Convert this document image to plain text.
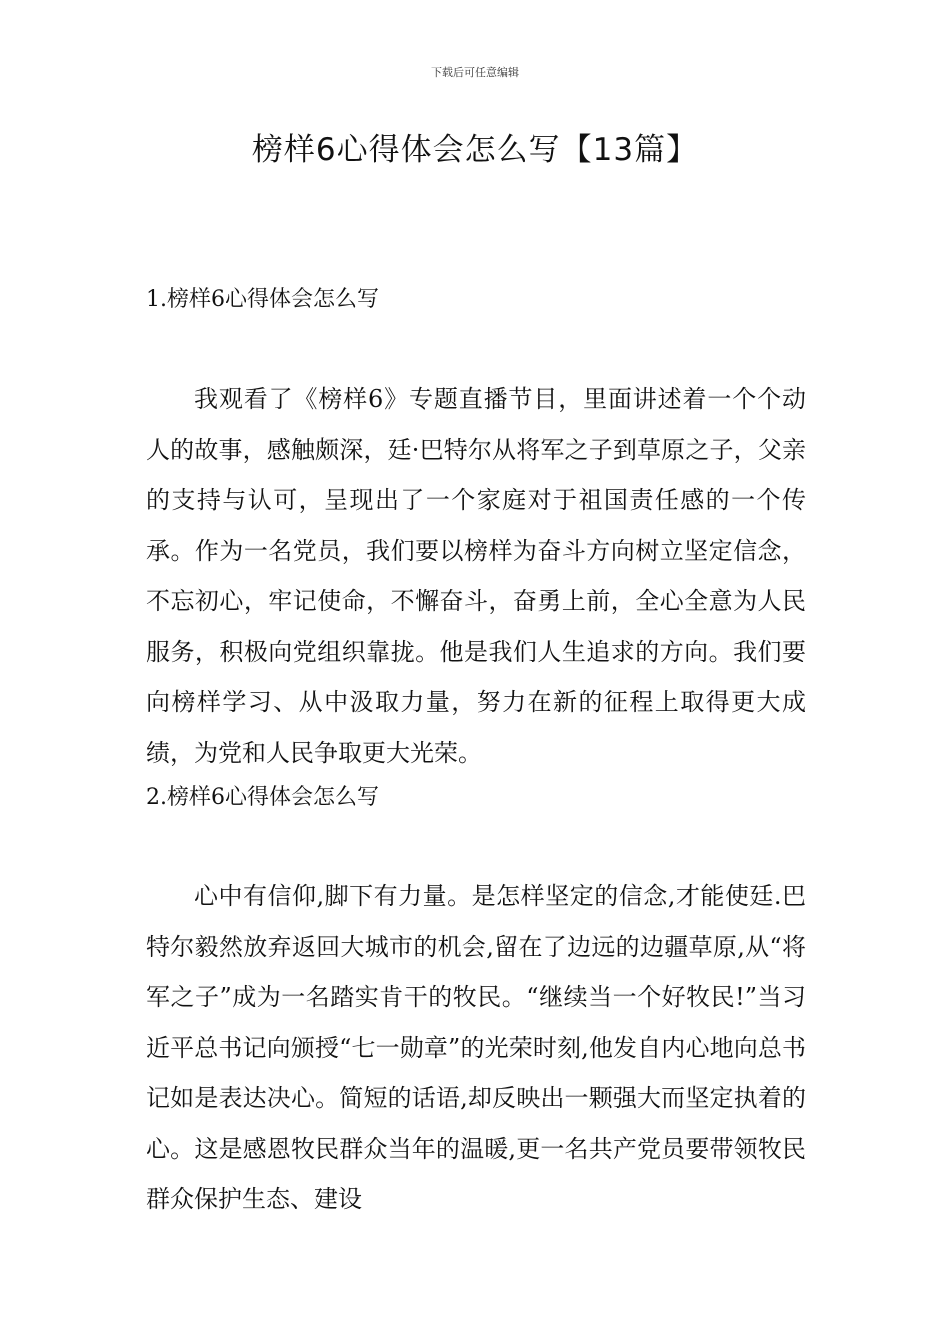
下载后可任意编辑
榜样6心得体会怎么写【13篇】
1.榜样6心得体会怎么写

我观看了《榜样6》专题直播节目，里面讲述着一个个动人的故事，感触颇深，廷·巴特尔从将军之子到草原之子，父亲的支持与认可，呈现出了一个家庭对于祖国责任感的一个传承。作为一名党员，我们要以榜样为奋斗方向树立坚定信念，不忘初心，牢记使命，不懈奋斗，奋勇上前，全心全意为人民服务，积极向党组织靠拢。他是我们人生追求的方向。我们要向榜样学习、从中汲取力量，努力在新的征程上取得更大成绩，为党和人民争取更大光荣。

2.榜样6心得体会怎么写

心中有信仰,脚下有力量。是怎样坚定的信念,才能使廷.巴特尔毅然放弃返回大城市的机会,留在了边远的边疆草原,从“将军之子”成为一名踏实肯干的牧民。“继续当一个好牧民!”当习近平总书记向颁授“七一勋章”的光荣时刻,他发自内心地向总书记如是表达决心。简短的话语,却反映出一颗强大而坚定执着的心。这是感恩牧民群众当年的温暖,更一名共产党员要带领牧民群众保护生态、建设
